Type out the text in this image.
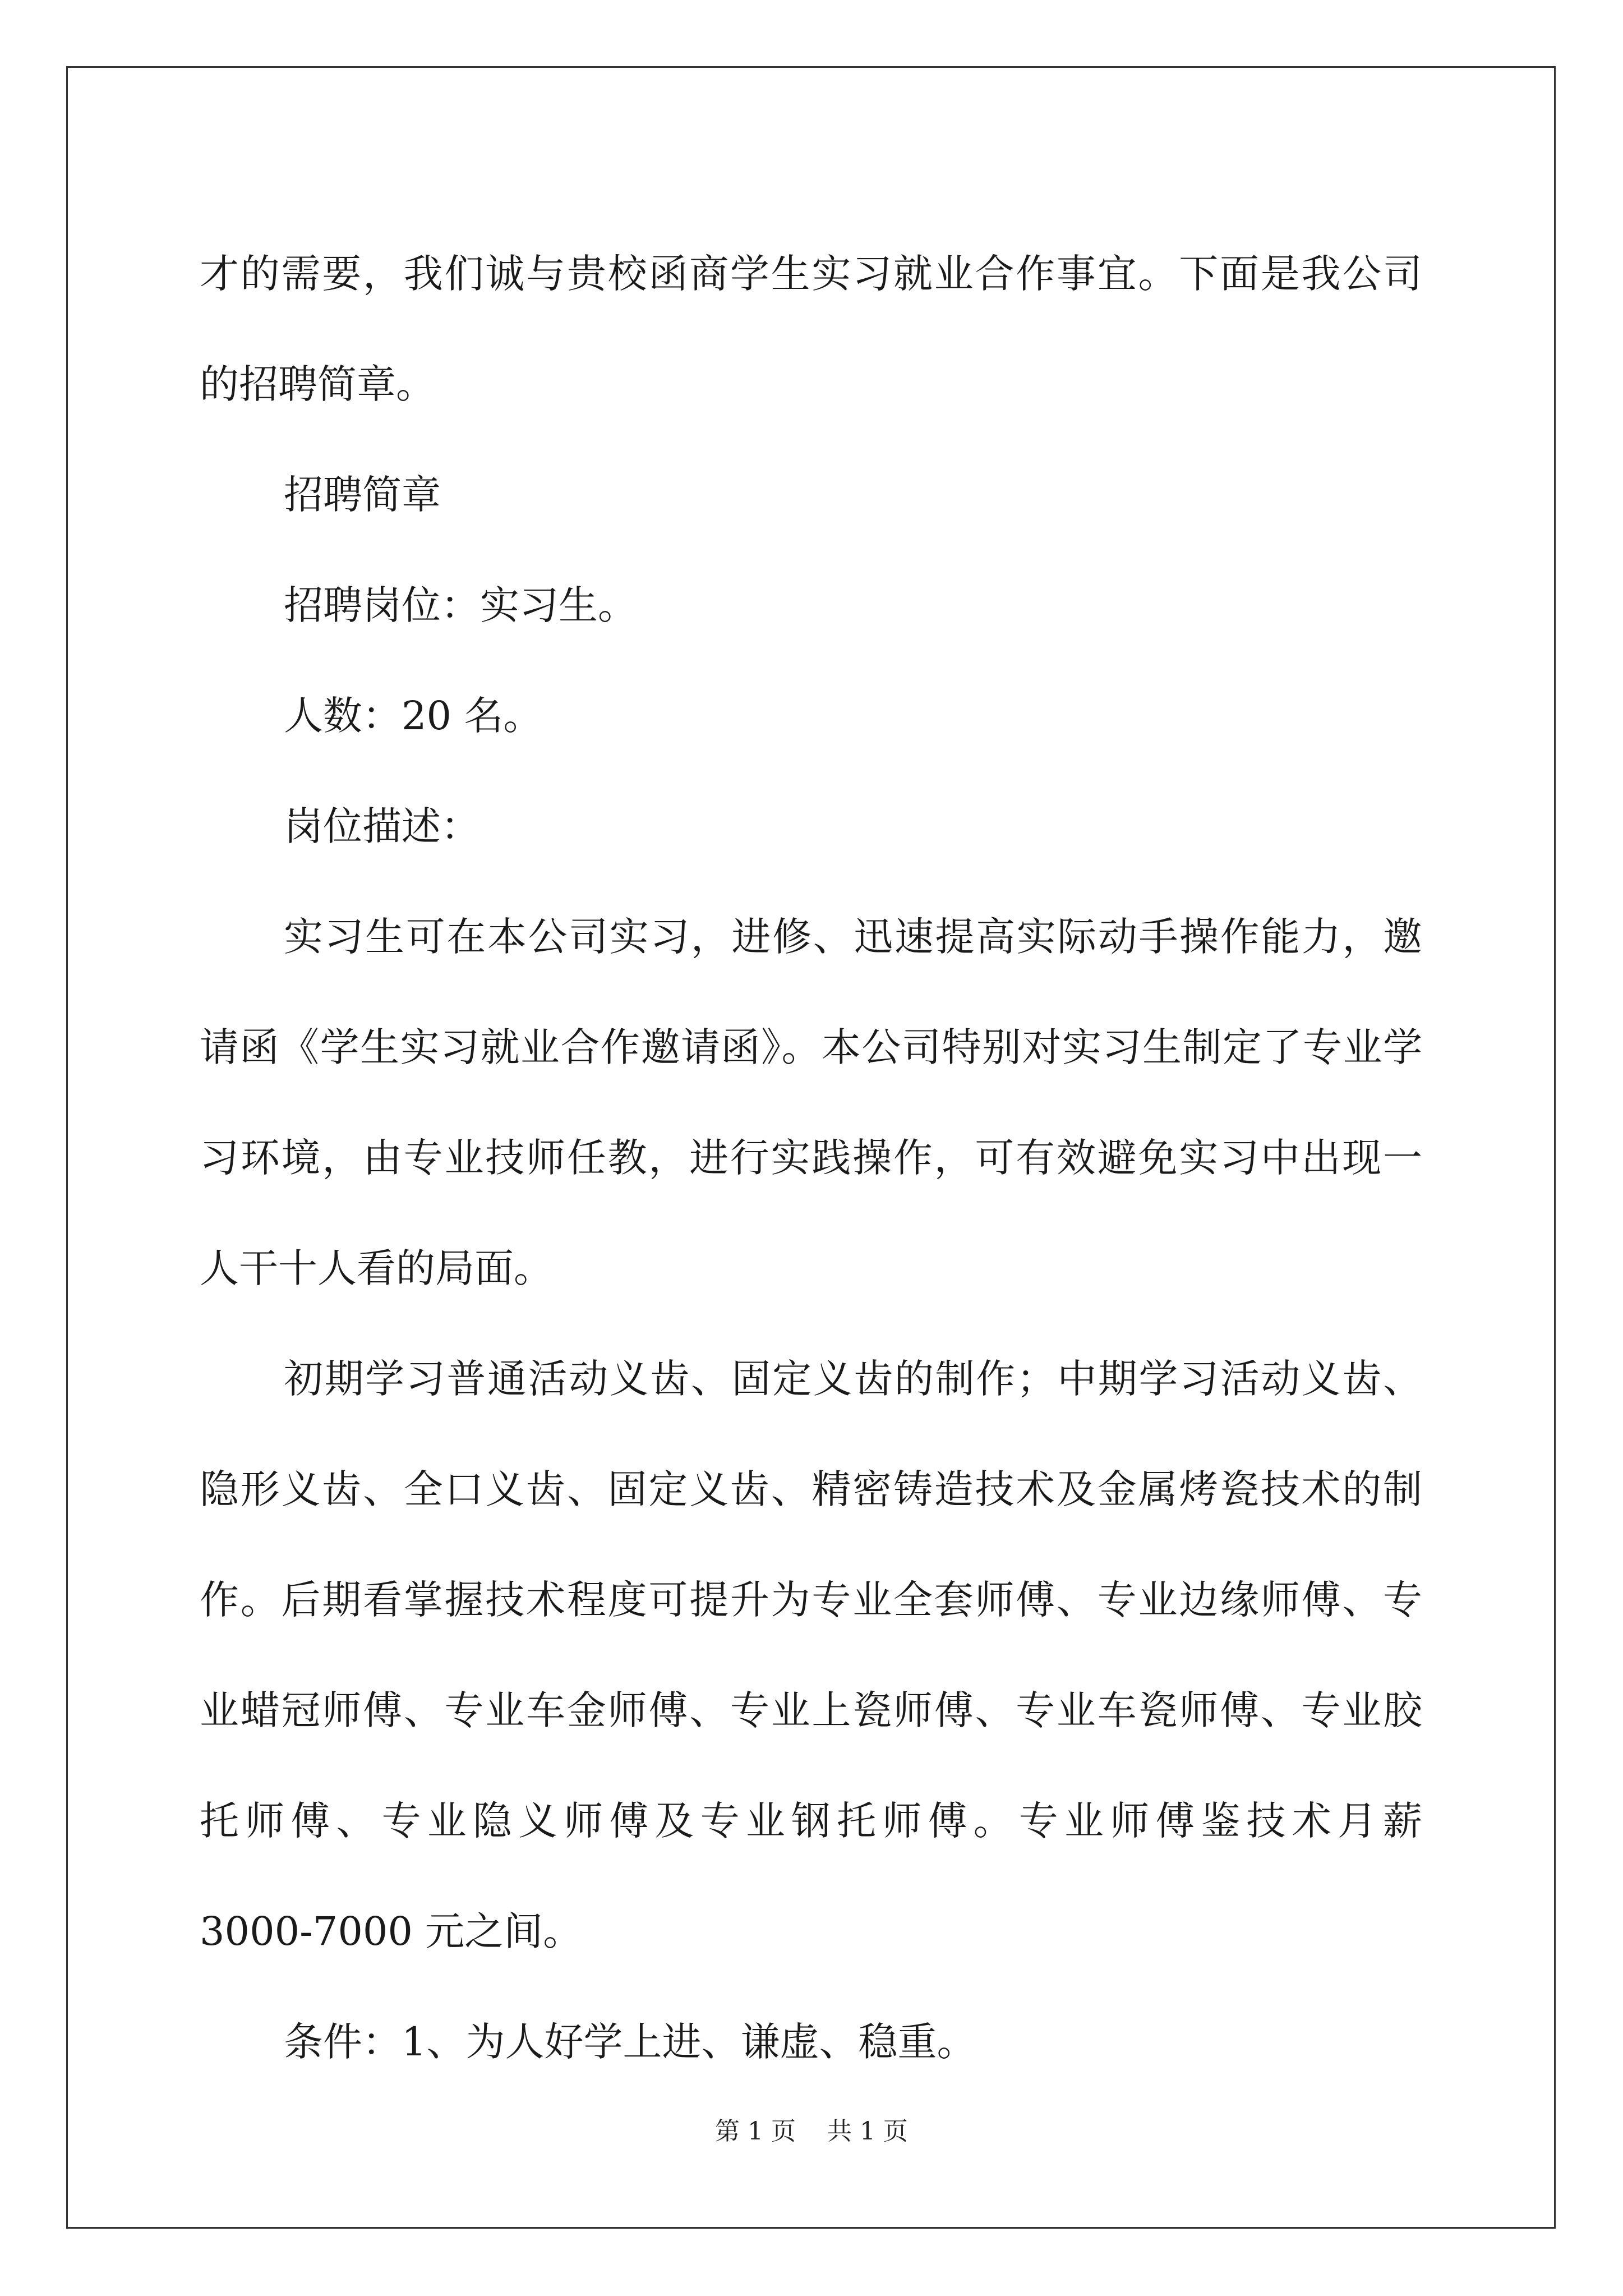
才的需要，我们诚与贵校函商学生实习就业合作事宜。下面是我公司

的招聘简章。

招聘简章

招聘岗位：实习生。

人数：20 名。

岗位描述：

实习生可在本公司实习，进修、迅速提高实际动手操作能力，邀

请函《学生实习就业合作邀请函》。本公司特别对实习生制定了专业学

习环境，由专业技师任教，进行实践操作，可有效避免实习中出现一

人干十人看的局面。

初期学习普通活动义齿、固定义齿的制作；中期学习活动义齿、

隐形义齿、全口义齿、固定义齿、精密铸造技术及金属烤瓷技术的制

作。后期看掌握技术程度可提升为专业全套师傅、专业边缘师傅、专

业蜡冠师傅、专业车金师傅、专业上瓷师傅、专业车瓷师傅、专业胶

托师傅、专业隐义师傅及专业钢托师傅。专业师傅鉴技术月薪

3000-7000 元之间。

条件：1、为人好学上进、谦虚、稳重。

第 1 页    共 1 页
